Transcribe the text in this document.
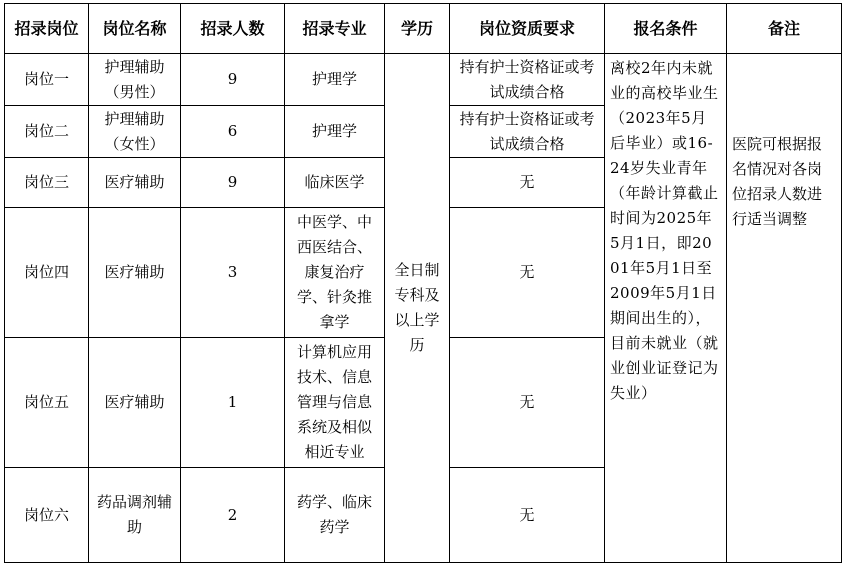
招录岗位	岗位名称	招录人数	招录专业	学历	岗位资质要求	报名条件	备注
岗位一	护理辅助（男性）	9	护理学	全日制专科及以上学历	持有护士资格证或考试成绩合格	离校2年内未就业的高校毕业生（2023年5月后毕业）或16-24岁失业青年（年龄计算截止时间为2025年5月1日，即2001年5月1日至2009年5月1日期间出生的），目前未就业（就业创业证登记为失业）	医院可根据报名情况对各岗位招录人数进行适当调整
岗位二	护理辅助（女性）	6	护理学		持有护士资格证或考试成绩合格		
岗位三	医疗辅助	9	临床医学		无		
岗位四	医疗辅助	3	中医学、中西医结合、康复治疗学、针灸推拿学		无		
岗位五	医疗辅助	1	计算机应用技术、信息管理与信息系统及相似相近专业		无		
岗位六	药品调剂辅助	2	药学、临床药学		无		
